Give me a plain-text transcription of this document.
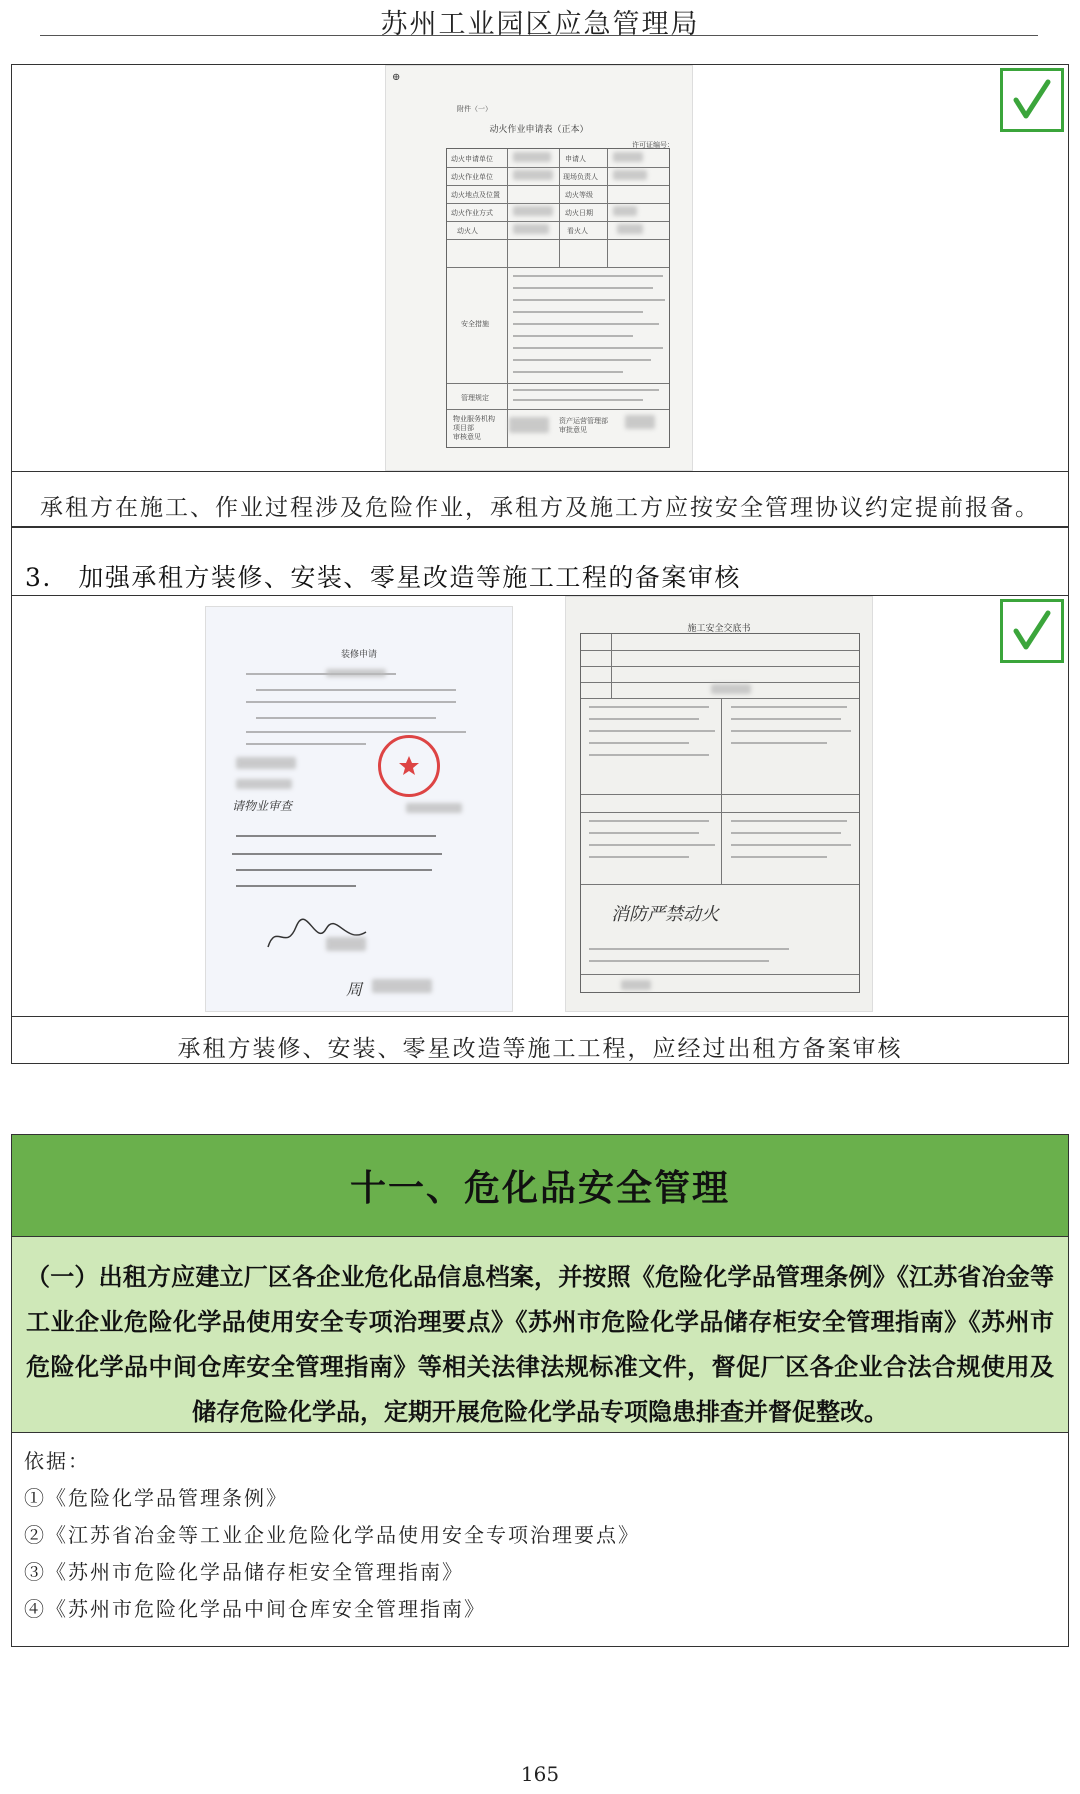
苏州工业园区应急管理局
附件（一）
⊕
动火作业申请表（正本）
许可证编号：
动火申请单位
动火作业单位
动火地点及位置
动火作业方式
动火人
申请人
现场负责人
动火等级
动火日期
看火人
安全措施
管理规定
物业服务机构
项目部
审核意见
资产运营管理部
审批意见
承租方在施工、作业过程涉及危险作业，承租方及施工方应按安全管理协议约定提前报备。
3.　加强承租方装修、安装、零星改造等施工工程的备案审核
装修申请
请物业审查
周
施工安全交底书
消防严禁动火
承租方装修、安装、零星改造等施工工程，应经过出租方备案审核
十一、危化品安全管理

（一）出租方应建立厂区各企业危化品信息档案，并按照《危险化学品管理条例》《江苏省冶金等工业企业危险化学品使用安全专项治理要点》《苏州市危险化学品储存柜安全管理指南》《苏州市危险化学品中间仓库安全管理指南》等相关法律法规标准文件，督促厂区各企业合法合规使用及储存危险化学品，定期开展危险化学品专项隐患排查并督促整改。

依据：
①《危险化学品管理条例》
②《江苏省冶金等工业企业危险化学品使用安全专项治理要点》
③《苏州市危险化学品储存柜安全管理指南》
④《苏州市危险化学品中间仓库安全管理指南》
165
